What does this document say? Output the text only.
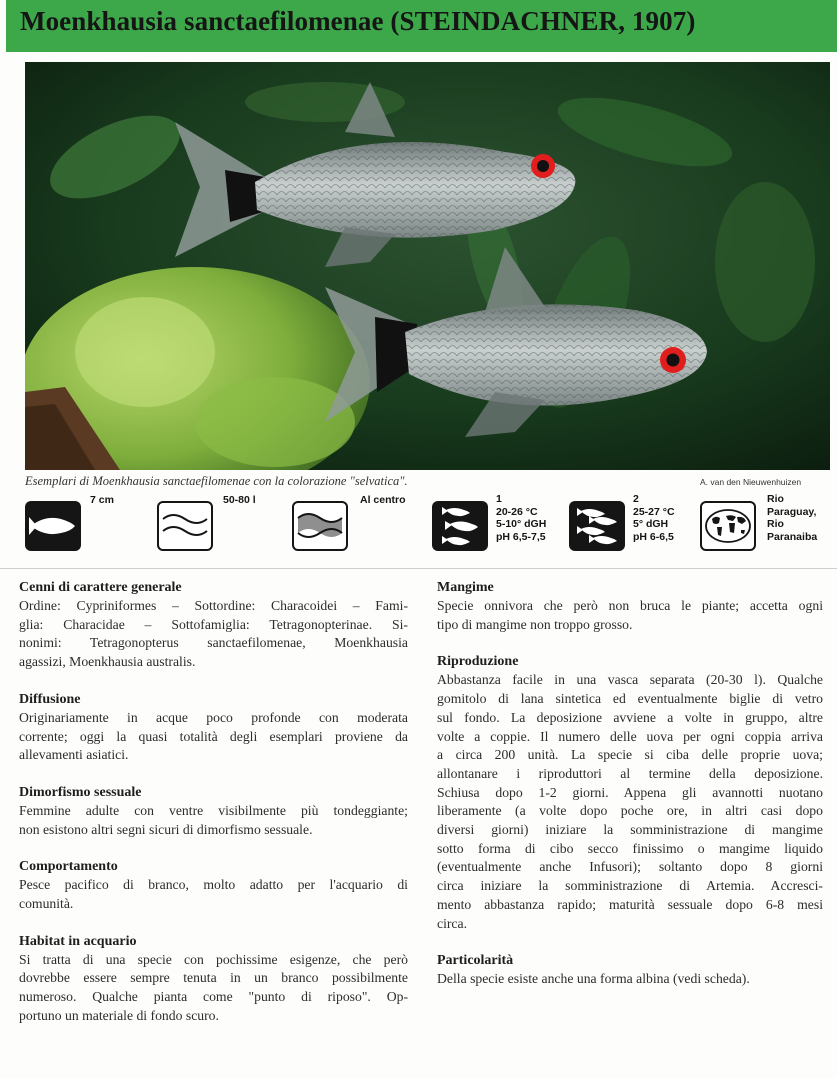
Moenkhausia sanctaefilomenae (STEINDACHNER, 1907)
Esemplari di Moenkhausia sanctaefilomenae con la colorazione "selvatica".	A. van den Nieuwenhuizen
7 cm	50-80 l	Al centro	1
20-26 °C
5-10° dGH
pH 6,5-7,5
2
25-27 °C
5° dGH
pH 6-6,5
Rio
Paraguay,
Rio
Paranaiba
Cenni di carattere generale

Ordine: Cypriniformes – Sottordine: Characoidei – Fami-
glia: Characidae – Sottofamiglia: Tetragonopterinae. Si-
nonimi: Tetragonopterus sanctaefilomenae, Moenkhausia
agassizi, Moenkhausia australis.

Diffusione

Originariamente in acque poco profonde con moderata
corrente; oggi la quasi totalità degli esemplari proviene da
allevamenti asiatici.

Dimorfismo sessuale

Femmine adulte con ventre visibilmente più tondeggiante;
non esistono altri segni sicuri di dimorfismo sessuale.

Comportamento

Pesce pacifico di branco, molto adatto per l'acquario di
comunità.

Habitat in acquario

Si tratta di una specie con pochissime esigenze, che però
dovrebbe essere sempre tenuta in un branco possibilmente
numeroso. Qualche pianta come "punto di riposo". Op-
portuno un materiale di fondo scuro.

Mangime

Specie onnivora che però non bruca le piante; accetta ogni
tipo di mangime non troppo grosso.

Riproduzione

Abbastanza facile in una vasca separata (20-30 l). Qualche
gomitolo di lana sintetica ed eventualmente biglie di vetro
sul fondo. La deposizione avviene a volte in gruppo, altre
volte a coppie. Il numero delle uova per ogni coppia arriva
a circa 200 unità. La specie si ciba delle proprie uova;
allontanare i riproduttori al termine della deposizione.
Schiusa dopo 1-2 giorni. Appena gli avannotti nuotano
liberamente (a volte dopo poche ore, in altri casi dopo
diversi giorni) iniziare la somministrazione di mangime
sotto forma di cibo secco finissimo o mangime liquido
(eventualmente anche Infusori); soltanto dopo 8 giorni
circa iniziare la somministrazione di Artemia. Accresci-
mento abbastanza rapido; maturità sessuale dopo 6-8 mesi
circa.

Particolarità

Della specie esiste anche una forma albina (vedi scheda).
